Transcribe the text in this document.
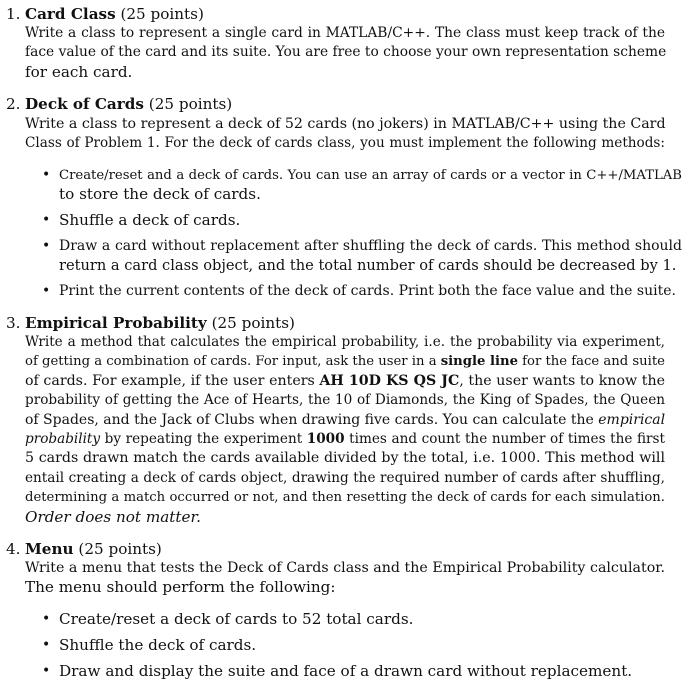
1. Card Class (25 points)
Write a class to represent a single card in MATLAB/C++. The class must keep track of the
face value of the card and its suite. You are free to choose your own representation scheme
for each card.
2. Deck of Cards (25 points)
Write a class to represent a deck of 52 cards (no jokers) in MATLAB/C++ using the Card
Class of Problem 1. For the deck of cards class, you must implement the following methods:
• Create/reset and a deck of cards. You can use an array of cards or a vector in C++/MATLAB
to store the deck of cards.
• Shuffle a deck of cards.
• Draw a card without replacement after shuffling the deck of cards. This method should
return a card class object, and the total number of cards should be decreased by 1.
• Print the current contents of the deck of cards. Print both the face value and the suite.
3. Empirical Probability (25 points)
Write a method that calculates the empirical probability, i.e. the probability via experiment,
of getting a combination of cards. For input, ask the user in a single line for the face and suite
of cards. For example, if the user enters AH 10D KS QS JC, the user wants to know the
probability of getting the Ace of Hearts, the 10 of Diamonds, the King of Spades, the Queen
of Spades, and the Jack of Clubs when drawing five cards. You can calculate the empirical
probability by repeating the experiment 1000 times and count the number of times the first
5 cards drawn match the cards available divided by the total, i.e. 1000. This method will
entail creating a deck of cards object, drawing the required number of cards after shuffling,
determining a match occurred or not, and then resetting the deck of cards for each simulation.
Order does not matter.
4. Menu (25 points)
Write a menu that tests the Deck of Cards class and the Empirical Probability calculator.
The menu should perform the following:
• Create/reset a deck of cards to 52 total cards.
• Shuffle the deck of cards.
• Draw and display the suite and face of a drawn card without replacement.
